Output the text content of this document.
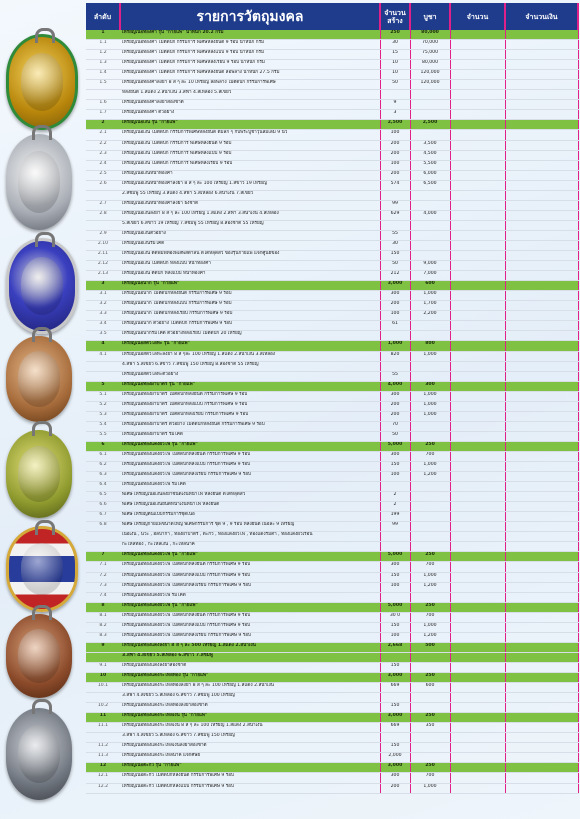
ลำดับ	รายการวัตถุมงคล	จำนวนสร้าง	บูชา	จำนวน	จำนวนเงิน
1	เหรียญเนื้อทองคำ รุ่น "กายแพ" น้ำหนัก 20.2 กรัม	250	80,000		
1.1	เหรียญเนื้อทองคำ ไม่ตัดปีก กรรมการ พิเศษหลังยันต์ 9 รอบ น้ำหนัก กรัม	30	70,000		
1.2	เหรียญเนื้อทองคำ ไม่ตัดปีก กรรมการ พิเศษหลังแบบ 9 รอบ น้ำหนัก กรัม	15	75,000		
1.3	เหรียญเนื้อทองคำ ไม่ตัดปีก กรรมการ พิเศษหลังเรียบ 9 รอบ น้ำหนัก กรัม	10	80,000		
1.4	เหรียญเนื้อทองคำ ไม่ตัดปีก กรรมการ พิเศษหลังยันต์ ลือพลาง น้ำหนัก 27.5 กรัม	10	120,000		
1.5	เหรียญเนื้อทองคำลงยา 8 สี ๆ ละ 10 เหรียญ ลือพลาง ไม่ตัดปีก กรรมการพิเศษ	50	120,000		
	หลังยันต์ 1.สีแดง 2.สีน้ำเงิน 3.สีฟ้า 4.สีเหลือง 5.สีเขียว				
1.6	เหรียญเนื้อทองคำลงยาสีองชาติ	9			
1.7	เหรียญเนื้อทองคำ ตัวอย่าง	3			
2	เหรียญเนื้อเงิน รุ่น "กายแพ"	2,500	2,500		
2.1	เหรียญเนื้อเงิน ไม่ตัดปีก กรรมการพิเศษหลังยันต์ ติมลก ๆ กับพระบูชาวุ่นลิมเลิม 9 นิ้ว	100			
2.2	เหรียญเนื้อเงิน ไม่ตัดปีก กรรมการ พิเศษหลังยันต์ 9 รอบ	200	3,500		
2.3	เหรียญเนื้อเงิน ไม่ตัดปีก กรรมการ พิเศษหลังแบบ 9 รอบ	200	4,500		
2.4	เหรียญเนื้อเงิน ไม่ตัดปีก กรรมการ พิเศษหลังเรียบ 9 รอบ	100	5,500		
2.5	เหรียญเนื้อเงินหน้าทองคำ	200	6,000		
2.6	เหรียญเนื้อเงินหน้าทองคำลงยา 8 สี ๆ ละ 100 เหรียญ 1.สีขาว 19 เหรียญ	574	6,500		
	2.สีชมพู 55 เหรียญ 3.สีแดง 4.สีฟ้า 5.สีเหลือง 6.สีน้ำเงิน 7.สีเขียว				
2.7	เหรียญเนื้อเงินหน้าทองคำลงยา ธงชาติ	99			
2.8	เหรียญเนื้อเงินลงยา 8 สี ๆ ละ 100 เหรียญ 1.สีแดง 2.สีฟ้า 3.สีน้ำเงิน 4.สีเหลือง	629	4,000		
	5.สีเขียว 6.สีขาว 19 เหรียญ 7.สีชมพู 55 เหรียญ 8.สีองชาติ 55 เหรียญ				
2.9	เหรียญเนื้อเงินตัวอย่าง	55			
2.10	เหรียญเนื้อเงินรมโค๊ต	30			
2.11	เหรียญเนื้อเงิน ติดพิมพ์ทองพีเสพสตาลีน ตีได้หลุดส่ว ของรุ่นกายแพ แจกศูนย์ของ	150			
2.12	เหรียญเนื้อเงิน ไม่ตัดปีก หลังแบบ หน้าทองคำ	50	9,000		
2.13	เหรียญเนื้อเงิน ตัดปีก หลังแบบ หน้าทองคำ	212	7,000		
3	เหรียญเนื้อนาก รุ่น "กายแพ"	3,000	600		
3.1	เหรียญเนื้อนาก ไม่ตัดปีกหลังยันต์ กรรมการพิเศษ 9 รอบ	300	1,000		
3.2	เหรียญเนื้อนาก ไม่ตัดปีกหลังแบบ กรรมการพิเศษ 9 รอบ	200	1,700		
3.3	เหรียญเนื้อนาก ไม่ตัดปีกหลังเรียบ กรรมการพิเศษ 9 รอบ	100	2,200		
3.4	เหรียญเนื้อนาก ตัวอย่าง ไม่ตัดปีก กรรมการพิเศษ 9 รอบ	61			
3.5	เหรียญเนื้อนากรมโค๊ต ตัวอย่างหลังเรียบ ไม่ตัดปีก 20 เหรียญ				
4	เหรียญเนื้อสัตว์โลหะ รุ่น "กายแพ"	1,000	800		
4.1	เหรียญเนื้อสัตว์โลหะลงยา 8 สี ๆละ 100 เหรียญ 1.สีแดง 2.สีน้ำเงิน 3.สีเหลือง	820	1,000		
	4.สีฟ้า 5.สีเขียว 6.สีขาว 7.สีชมพู 150 เหรียญ 8.สีองชาติ 55 เหรียญ				
	เหรียญเนื้อสัตว์โลหะตัวอย่าง	55			
5	เหรียญเนื้อทองผ่าบาตร รุ่น "กายแพ"	4,000	300		
5.1	เหรียญเนื้อทองผ่าบาตร ไม่ตัดปีกหลังยันต์ กรรมการพิเศษ 9 รอบ	300	1,000		
5.2	เหรียญเนื้อทองผ่าบาตร ไม่ตัดปีกหลังแบบ กรรมการพิเศษ 9 รอบ	200	1,000		
5.3	เหรียญเนื้อทองผ่าบาตร ไม่ตัดปีกหลังเรียบ กรรมการพิเศษ 9 รอบ	200	1,000		
5.4	เหรียญเนื้อทองผ่าบาตร ตัวอย่าง ไม่ตัดปีกหลังยันต์ กรรมการพิเศษ 9 รอบ	70			
5.5	เหรียญเนื้อทองผ่าบาตร รมโค๊ต	50			
6	เหรียญเนื้อทองแดงผิวไฟ รุ่น "กายแพ"	5,000	250		
6.1	เหรียญเนื้อทองแดงผิวไฟ ไม่ตัดปีกหลังยันต์ กรรมการพิเศษ 9 รอบ	300	700		
6.2	เหรียญเนื้อทองแดงผิวไฟ ไม่ตัดปีกหลังแบบ กรรมการพิเศษ 9 รอบ	150	1,000		
6.3	เหรียญเนื้อทองแดงผิวไฟ ไม่ตัดปีกหลังเรียบ กรรมการพิเศษ 9 รอบ	100	1,200		
6.4	เหรียญเนื้อทองแดงผิวไฟ รมโค๊ต				
6.5	พิเศษ เหรียญเนื้อเงินลงยาชนิดเงินหน้าไฟ หลังยันต์ ตีได้หลุดส่ว	2			
6.6	พิเศษ เหรียญเนื้อเงินยันต์หน้าเงินหน้าไฟ หลังยันต์	2			
6.7	พิเศษ เหรียญต้นแบบกรรมการชุดเนื้อ	199			
6.8	พิเศษ เหรียญกายแพขนาดใหญ่ พิเศษกรรมการ ชุด 9 , 9 รอบ หลังยันต์ เนื้อละ 9 เหรียญ	99			
	เนื้อเงิน , นวะ , อัลปาก้า , ทองผ่าบาตร , ตะกั่ว , ทองแดงผิวไฟ , ทองแดงรมดำ , ทองแดงผิวเรือน				
	กะไหล่ทอง , กะไหล่เงิน , กะไหล่นาค				
7	เหรียญเนื้อทองแดงผิวไฟ รุ่น "กายแพ"	5,000	250		
7.1	เหรียญเนื้อทองแดงผิวไฟ ไม่ตัดปีกหลังยันต์ กรรมการพิเศษ 9 รอบ	300	700		
7.2	เหรียญเนื้อทองแดงผิวไฟ ไม่ตัดปีกหลังแบบ กรรมการพิเศษ 9 รอบ	150	1,000		
7.3	เหรียญเนื้อทองแดงผิวไฟ ไม่ตัดปีกหลังเรียบ กรรมการพิเศษ 9 รอบ	100	1,200		
7.4	เหรียญเนื้อทองแดงผิวไฟ รมโค๊ต				
8	เหรียญเนื้อทองแดงผิวไฟ รุ่น "กายแพ"	5,000	250		
8.1	เหรียญเนื้อทองแดงผิวไฟ ไม่ตัดปีกหลังยันต์ กรรมการพิเศษ 9 รอบ	30 0	700		
8.2	เหรียญเนื้อทองแดงผิวไฟ ไม่ตัดปีกหลังแบบ กรรมการพิเศษ 9 รอบ	150	1,000		
8.3	เหรียญเนื้อทองแดงผิวไฟ ไม่ตัดปีกหลังเรียบ กรรมการพิเศษ 9 รอบ	100	1,200		
9	เหรียญเนื้อทองแดงลงยา 8 สี ๆ ละ 500 เหรียญ 1.สีแดง 2.สีน้ำเงิน	2,668	500		
	3.สีฟ้า 4.สีเขียว 5.สีเหลือง 6.สีขาว 7.สีชมพู				
9.1	เหรียญเนื้อทองแดงลงยาสีองชาติ	150			
10	เหรียญเนื้อทองแดงกะไหล่ทอง รุ่น "กายแพ"	3,000	250		
10.1	เหรียญเนื้อทองแดงกะไหล่ทองลงยา 8 สี ๆ ละ 100 เหรียญ 1.สีแดง 2.สีน้ำเงิน	669	600		
	3.สีฟ้า 4.สีเขียว 5.สีเหลือง 6.สีขาว 7.สีชมพู 100 เหรียญ				
10.2	เหรียญเนื้อทองแดงกะไหล่ทองลงยาสีองชาติ	150			
11	เหรียญเนื้อทองแดงกะไหล่เงิน รุ่น "กายแพ"	3,000	250		
11.1	เหรียญเนื้อทองแดงกะไหล่เงิน 8 สี ๆ ละ 100 เหรียญ 1.สีแดง 2.สีน้ำเงิน	669	350		
	3.สีฟ้า 4.สีเขียว 5.สีเหลือง 6.สีขาว 7.สีชมพู 150 เหรียญ				
11.2	เหรียญเนื้อทองแดงกะไหล่เงินลงยาสีองชาติ	150			
11.3	เหรียญเนื้อทองแดงกะไหล่นาค แจกศิษย์	2,000			
12	เหรียญเนื้อตะกั่ว รุ่น "กายแพ"	3,000	250		
12.1	เหรียญเนื้อตะกั่ว ไม่ตัดปีกหลังยันต์ กรรมการพิเศษ 9 รอบ	300	700		
12.2	เหรียญเนื้อตะกั่ว ไม่ตัดปีกหลังแบบ กรรมการพิเศษ 9 รอบ	200	1,000		
